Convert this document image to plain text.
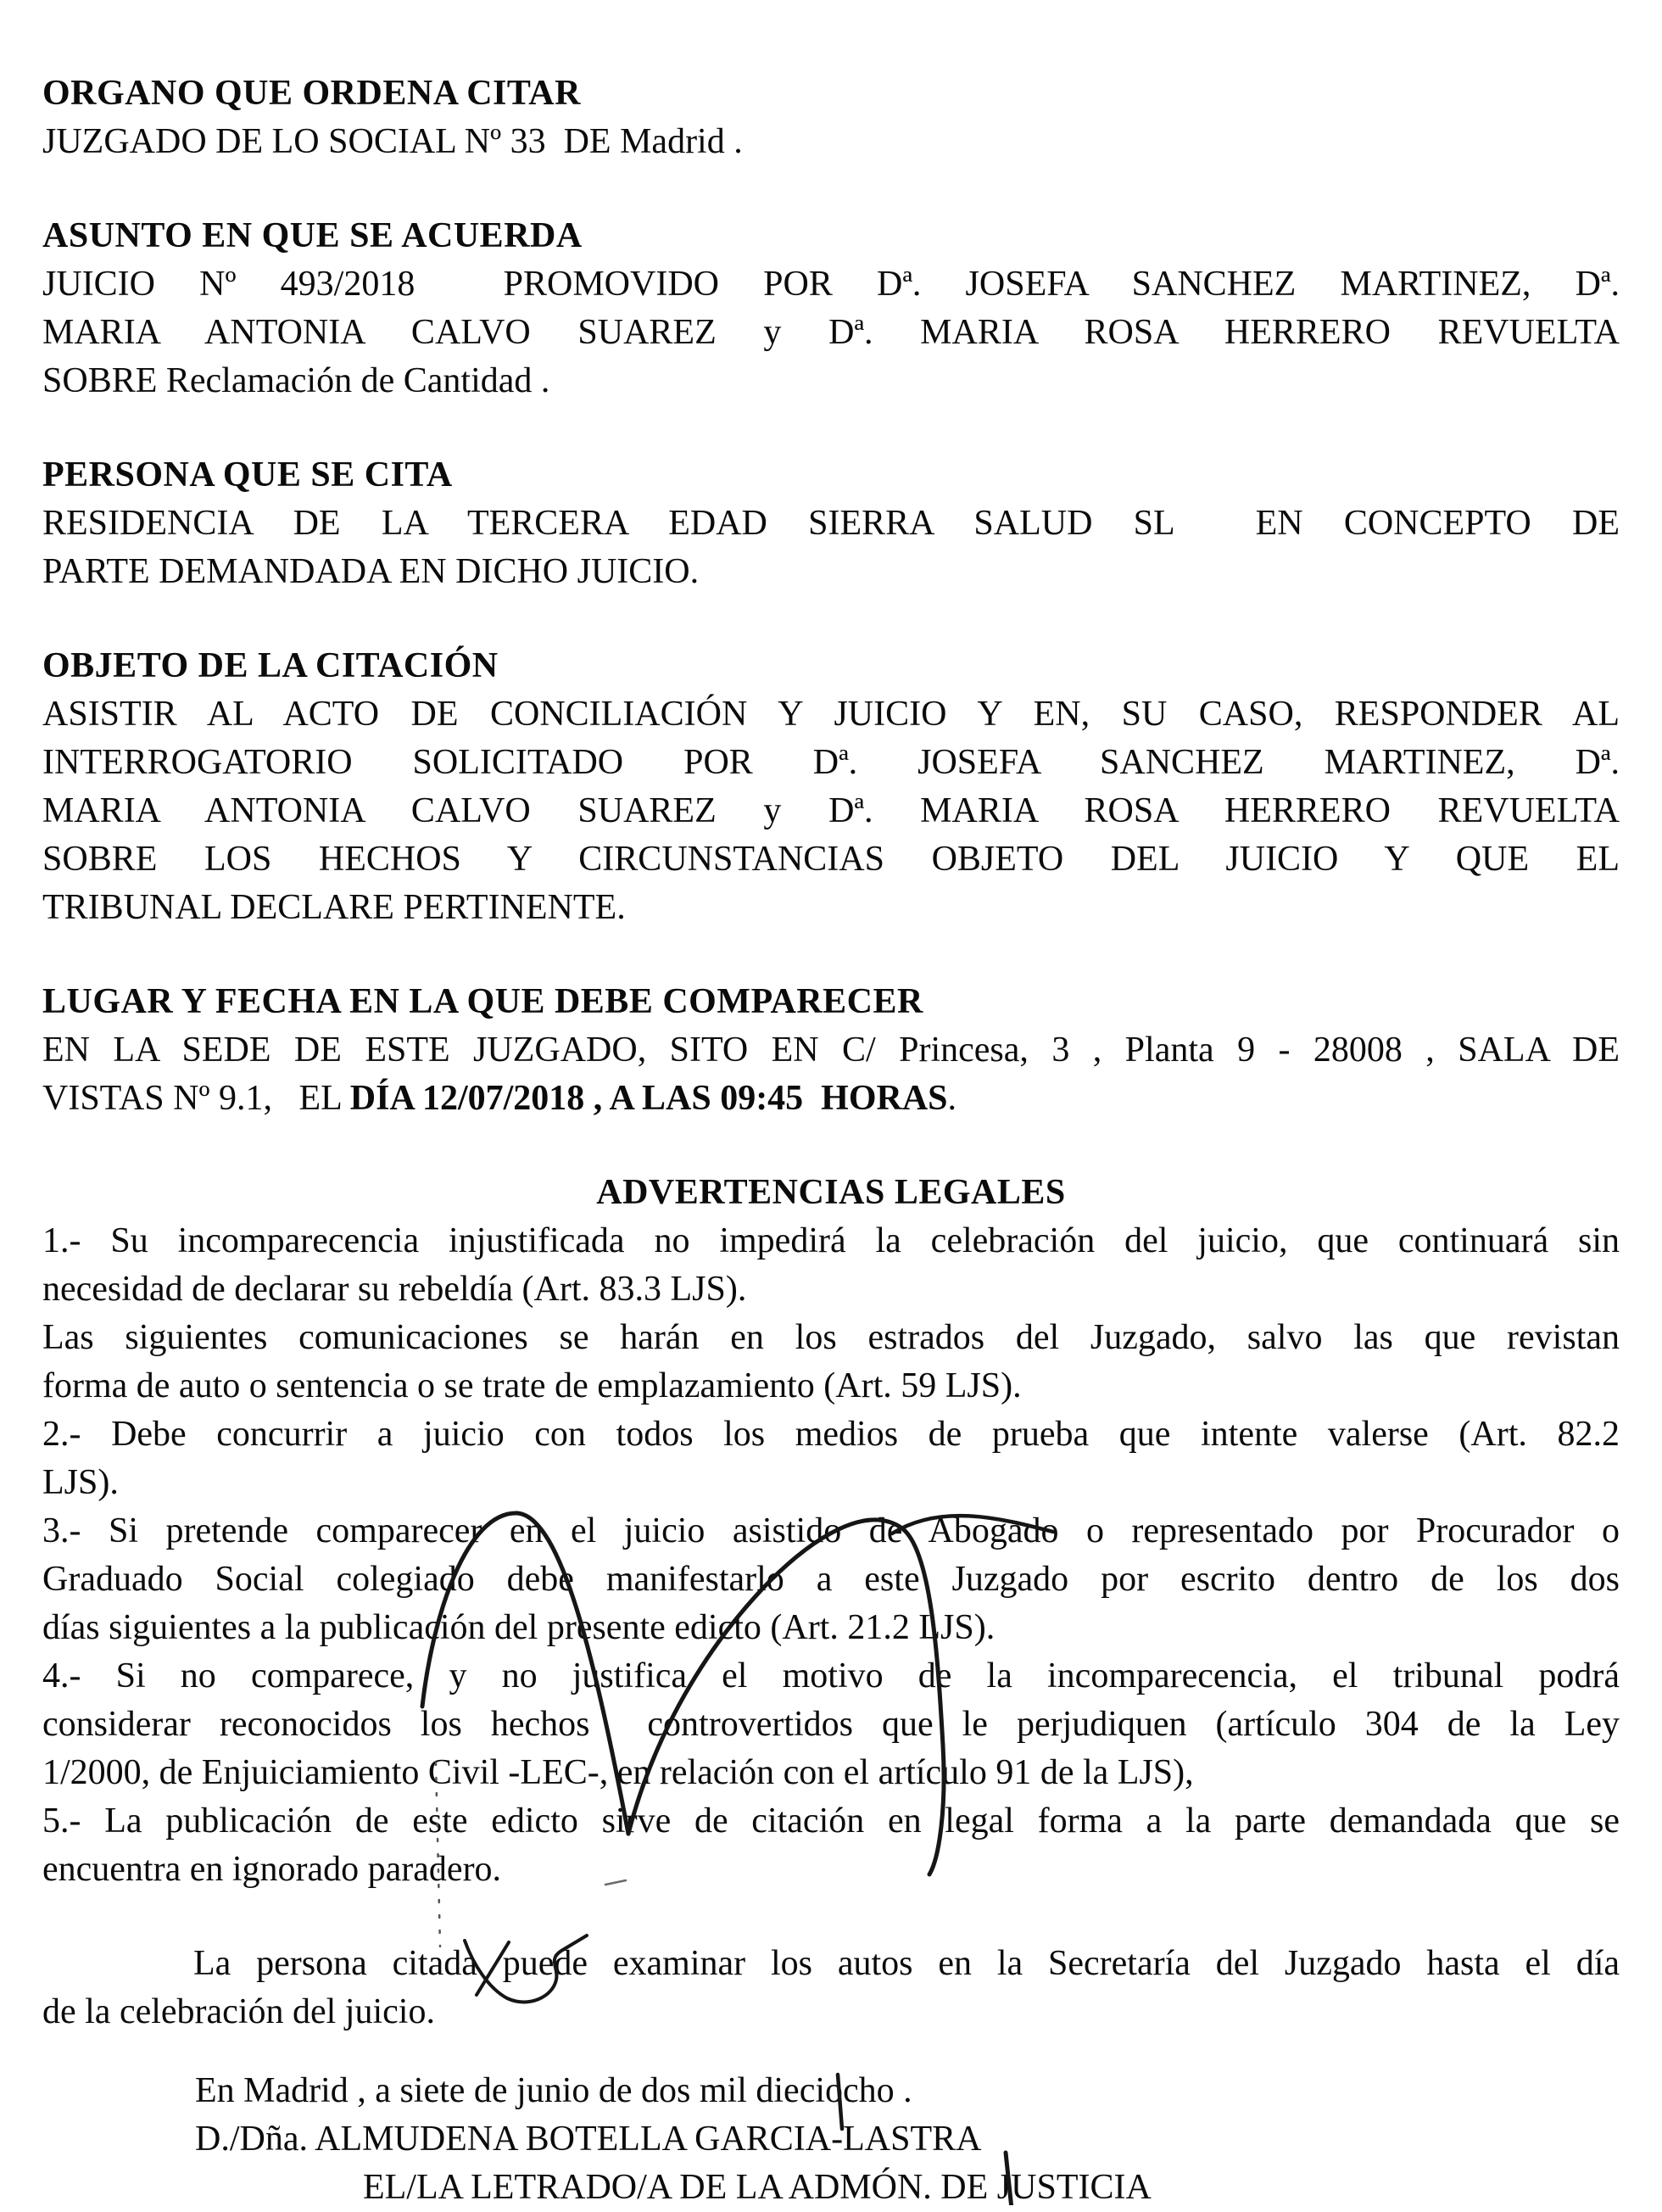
ORGANO QUE ORDENA CITAR
JUZGADO DE LO SOCIAL Nº 33  DE Madrid .
ASUNTO EN QUE SE ACUERDA
JUICIO Nº 493/2018  PROMOVIDO POR Dª. JOSEFA SANCHEZ MARTINEZ, Dª.
MARIA ANTONIA CALVO SUAREZ y Dª. MARIA ROSA HERRERO REVUELTA
SOBRE Reclamación de Cantidad .
PERSONA QUE SE CITA
RESIDENCIA DE LA TERCERA EDAD SIERRA SALUD SL  EN CONCEPTO DE
PARTE DEMANDADA EN DICHO JUICIO.
OBJETO DE LA CITACIÓN
ASISTIR AL ACTO DE CONCILIACIÓN Y JUICIO Y EN, SU CASO, RESPONDER AL
INTERROGATORIO SOLICITADO POR Dª. JOSEFA SANCHEZ MARTINEZ, Dª.
MARIA ANTONIA CALVO SUAREZ y Dª. MARIA ROSA HERRERO REVUELTA
SOBRE LOS HECHOS Y CIRCUNSTANCIAS OBJETO DEL JUICIO Y QUE EL
TRIBUNAL DECLARE PERTINENTE.
LUGAR Y FECHA EN LA QUE DEBE COMPARECER
EN LA SEDE DE ESTE JUZGADO, SITO EN C/ Princesa, 3 , Planta 9 - 28008 , SALA DE
VISTAS Nº 9.1,   EL DÍA 12/07/2018 , A LAS 09:45  HORAS.
ADVERTENCIAS LEGALES
1.- Su incomparecencia injustificada no impedirá la celebración del juicio, que continuará sin
necesidad de declarar su rebeldía (Art. 83.3 LJS).
Las siguientes comunicaciones se harán en los estrados del Juzgado, salvo las que revistan
forma de auto o sentencia o se trate de emplazamiento (Art. 59 LJS).
2.- Debe concurrir a juicio con todos los medios de prueba que intente valerse (Art. 82.2
LJS).
3.- Si pretende comparecer en el juicio asistido de Abogado o representado por Procurador o
Graduado Social colegiado debe manifestarlo a este Juzgado por escrito dentro de los dos
días siguientes a la publicación del presente edicto (Art. 21.2 LJS).
4.- Si no comparece, y no justifica el motivo de la incomparecencia, el tribunal podrá
considerar reconocidos los hechos  controvertidos que le perjudiquen (artículo 304 de la Ley
1/2000, de Enjuiciamiento Civil -LEC-, en relación con el artículo 91 de la LJS),
5.- La publicación de este edicto sirve de citación en legal forma a la parte demandada que se
encuentra en ignorado paradero.
La persona citada puede examinar los autos en la Secretaría del Juzgado hasta el día
de la celebración del juicio.
En Madrid , a siete de junio de dos mil dieciocho .
D./Dña. ALMUDENA BOTELLA GARCIA-LASTRA
EL/LA LETRADO/A DE LA ADMÓN. DE JUSTICIA
